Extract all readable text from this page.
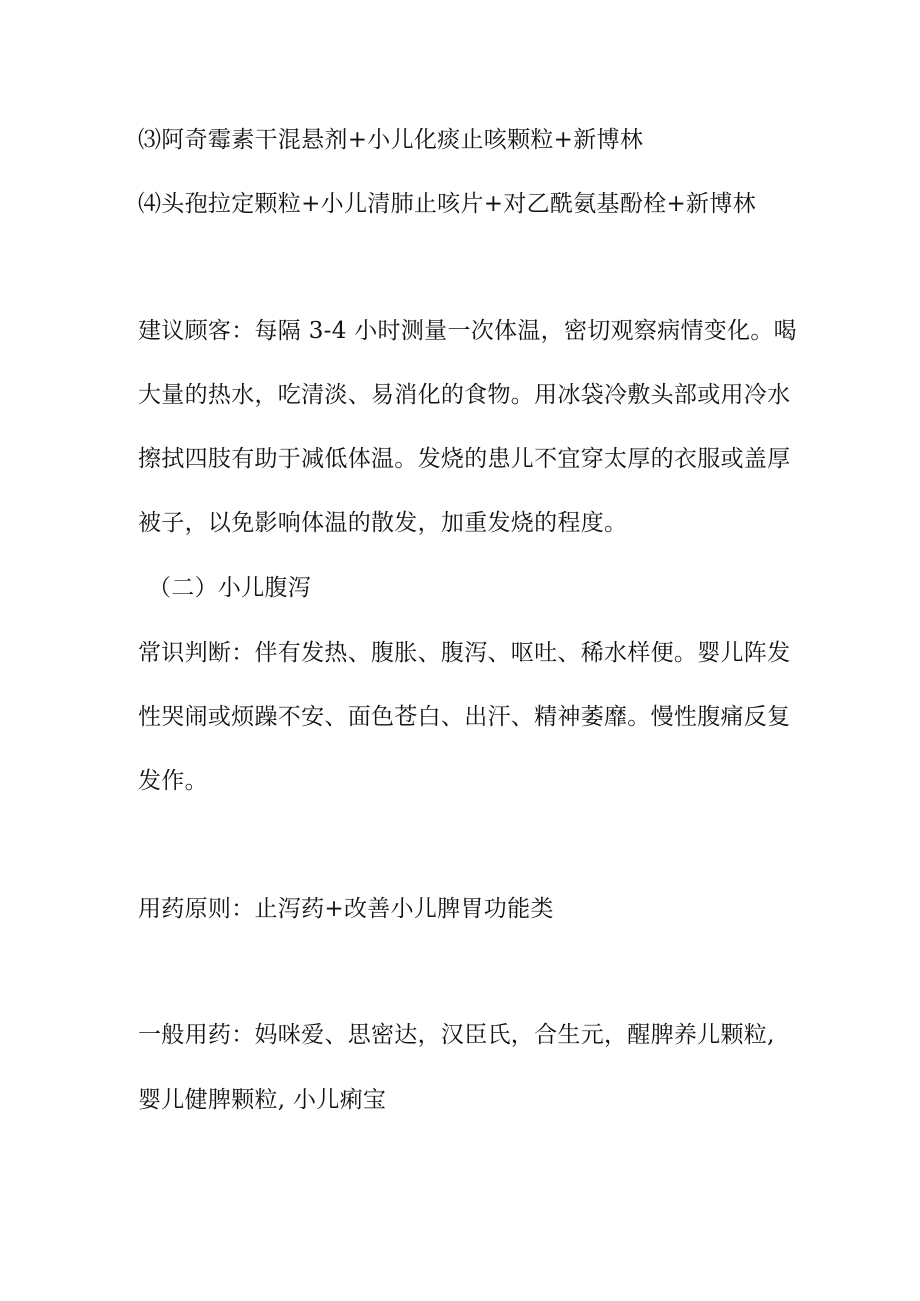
⑶阿奇霉素干混悬剂+小儿化痰止咳颗粒+新博林
⑷头孢拉定颗粒+小儿清肺止咳片+对乙酰氨基酚栓+新博林
建议顾客：每隔 3-4 小时测量一次体温，密切观察病情变化。喝
大量的热水，吃清淡、易消化的食物。用冰袋冷敷头部或用冷水
擦拭四肢有助于减低体温。发烧的患儿不宜穿太厚的衣服或盖厚
被子，以免影响体温的散发，加重发烧的程度。
（二）小儿腹泻
常识判断：伴有发热、腹胀、腹泻、呕吐、稀水样便。婴儿阵发
性哭闹或烦躁不安、面色苍白、出汗、精神萎靡。慢性腹痛反复
发作。
用药原则：止泻药+改善小儿脾胃功能类
一般用药：妈咪爱、思密达，汉臣氏，合生元，醒脾养儿颗粒,
婴儿健脾颗粒, 小儿痢宝
